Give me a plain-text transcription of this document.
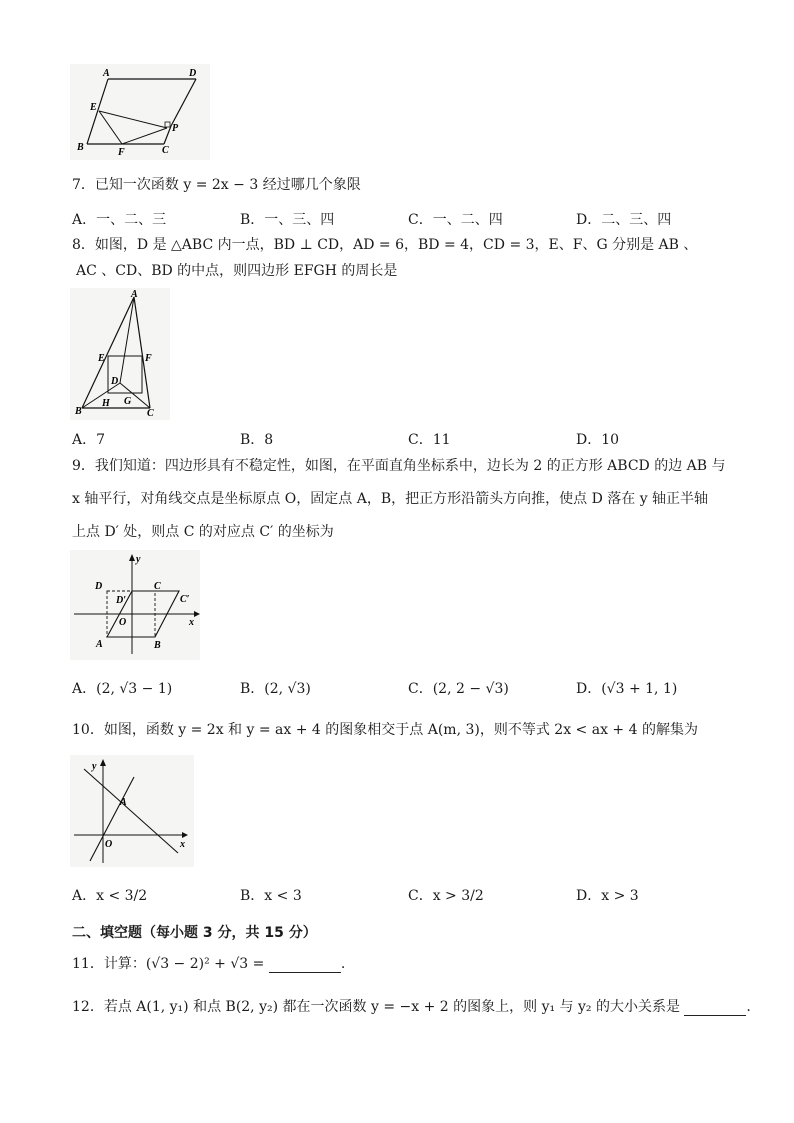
A	D
E
P
B	F	C
7．已知一次函数 y = 2x − 3 经过哪几个象限
A．一、二、三	B．一、三、四	C．一、二、四	D．二、三、四
8．如图，D 是 △ABC 内一点，BD ⊥ CD，AD = 6，BD = 4，CD = 3，E、F、G 分别是 AB 、
AC 、CD、BD 的中点，则四边形 EFGH 的周长是
A
E	F
D
B
H G
C
A．7	B．8	C．11	D．10
9．我们知道：四边形具有不稳定性，如图，在平面直角坐标系中，边长为 2 的正方形 ABCD 的边 AB 与
x 轴平行，对角线交点是坐标原点 O，固定点 A，B，把正方形沿箭头方向推，使点 D 落在 y 轴正半轴
上点 D′ 处，则点 C 的对应点 C′ 的坐标为
y
D	C
D′	C′
O	x
A	B
A．(2, √3 − 1)	B．(2, √3)	C．(2, 2 − √3)	D．(√3 + 1, 1)
10．如图，函数 y = 2x 和 y = ax + 4 的图象相交于点 A(m, 3)，则不等式 2x < ax + 4 的解集为
y
A
O	x
A．x < 3/2	B．x < 3	C．x > 3/2	D．x > 3
二、填空题（每小题 3 分，共 15 分）
11．计算：(√3 − 2)² + √3 =	.
12．若点 A(1, y₁) 和点 B(2, y₂) 都在一次函数 y = −x + 2 的图象上，则 y₁ 与 y₂ 的大小关系是	.
